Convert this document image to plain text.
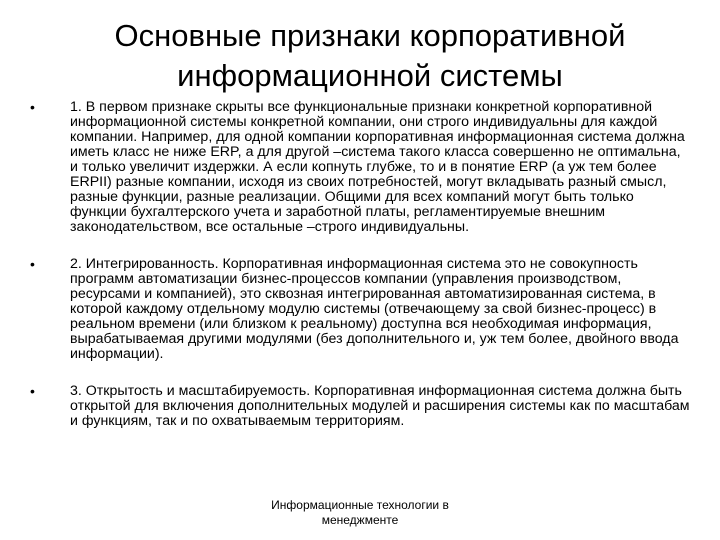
Основные признаки корпоративной
информационной системы
•	1. В первом признаке скрыты все функциональные признаки конкретной корпоративной информационной системы конкретной компании, они строго индивидуальны для каждой компании. Например, для одной компании корпоративная информационная система должна иметь класс не ниже ERP, а для другой –система такого класса совершенно не оптимальна, и только увеличит издержки. А если копнуть глубже, то и в понятие ERP (а уж тем более ERPII) разные компании, исходя из своих потребностей, могут вкладывать разный смысл, разные функции, разные реализации. Общими для всех компаний могут быть только функции бухгалтерского учета и заработной платы, регламентируемые внешним законодательством, все остальные –строго индивидуальны.
•	2. Интегрированность. Корпоративная информационная система это не совокупность программ автоматизации бизнес-процессов компании (управления производством, ресурсами и компанией), это сквозная интегрированная автоматизированная система, в которой каждому отдельному модулю системы (отвечающему за свой бизнес-процесс) в реальном времени (или близком к реальному) доступна вся необходимая информация, вырабатываемая другими модулями (без дополнительного и, уж тем более, двойного ввода информации).
•	3. Открытость и масштабируемость. Корпоративная информационная система должна быть открытой для включения дополнительных модулей и расширения системы как по масштабам и функциям, так и по охватываемым территориям.
Информационные технологии в
менеджменте
